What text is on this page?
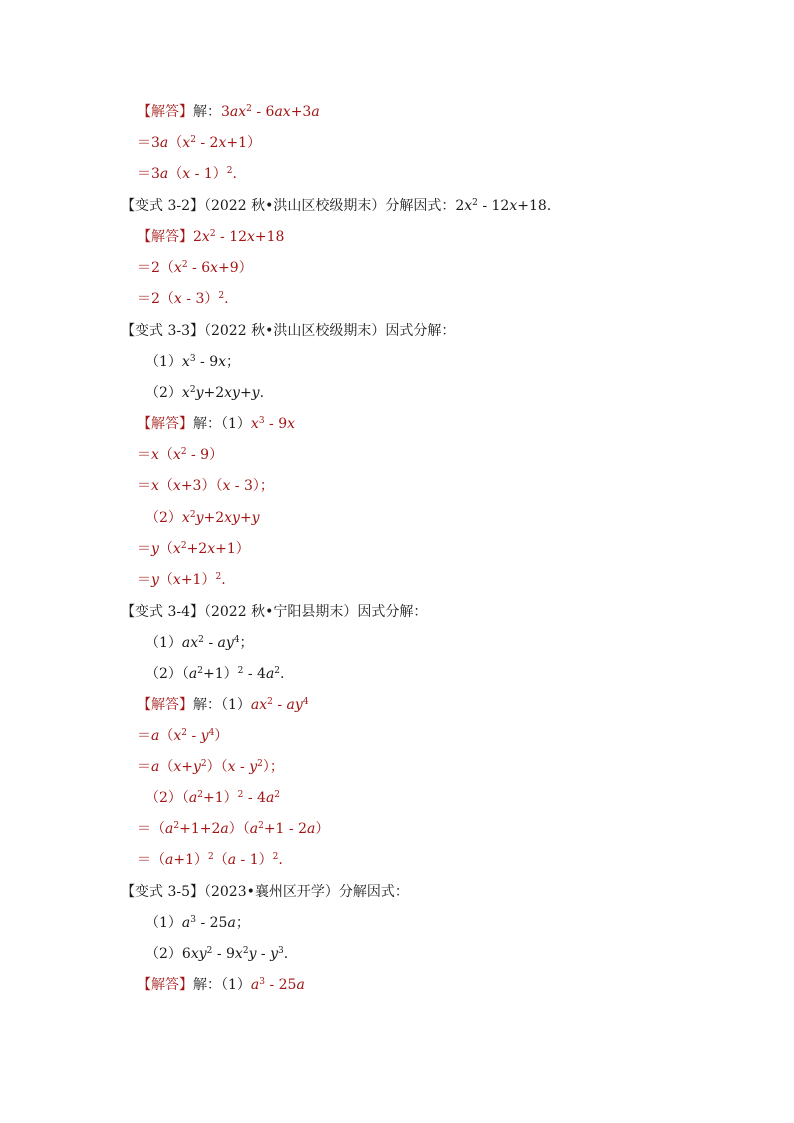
【解答】解：$3ax^2 - 6ax+3a$
$=3a(x^2 - 2x+1)$
＝3a（x - 1）$^2$.
【变式 3-2】（2022 秋•洪山区校级期末）分解因式：$2x^2 - 12x+18$.
【解答】$2x^2 - 12x+18$
$=2(x^2 - 6x+9)$
＝2（x - 3）$^2$.
【变式 3-3】（2022 秋•洪山区校级期末）因式分解：
$(1)x^3 - 9x$；
$(2)x^2y+2xy+y$.
【解答】解：$(1)x^3 - 9x$
$=x(x^2 - 9)$
＝x（x+3）（x - 3）；
$(2)x^2y+2xy+y$
$=y(x^2+2x+1)$
$=y(x+1)^2$.
【变式 3-4】（2022 秋•宁阳县期末）因式分解：
$(1)ax^2 - ay^4$；
$(2)(a^2+1)^2 - 4a^2$.
【解答】解：$(1)ax^2 - ay^4$
$=a(x^2 - y^4)$
$=a(x+y^2)(x - y^2)$；
$(2)(a^2+1)^2 - 4a^2$
$=(a^2+1+2a)(a^2+1 - 2a)$
$=(a+1)^2(a - 1)^2$.
【变式 3-5】（2023•襄州区开学）分解因式：
$(1)a^3 - 25a$；
$(2)6xy^2 - 9x^2y - y^3$.
【解答】解：$(1)a^3 - 25a$
